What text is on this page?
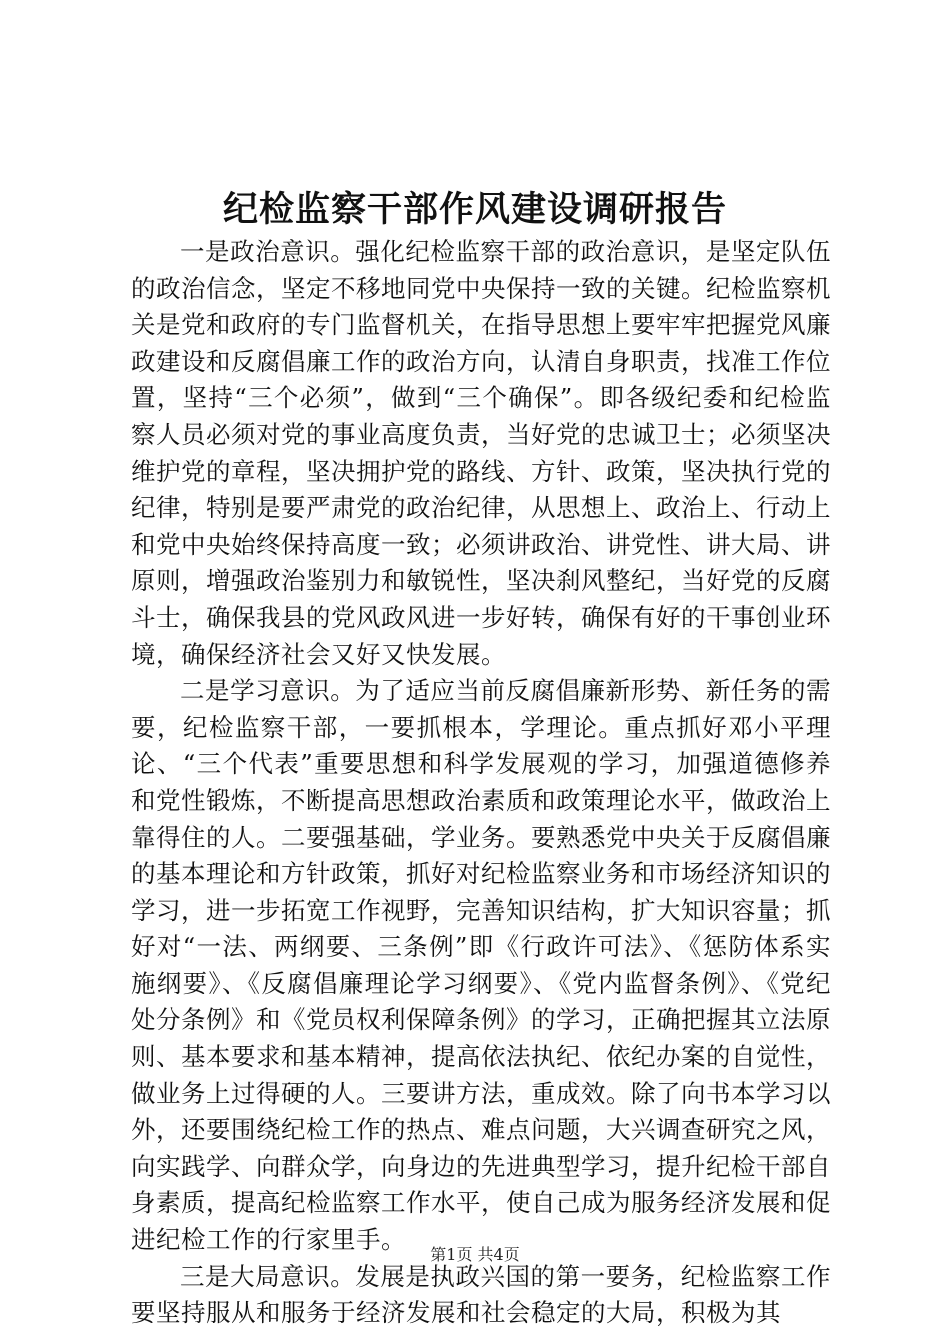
纪检监察干部作风建设调研报告

一是政治意识。强化纪检监察干部的政治意识，是坚定队伍的政治信念，坚定不移地同党中央保持一致的关键。纪检监察机关是党和政府的专门监督机关，在指导思想上要牢牢把握党风廉政建设和反腐倡廉工作的政治方向，认清自身职责，找准工作位置，坚持“三个必须”，做到“三个确保”。即各级纪委和纪检监察人员必须对党的事业高度负责，当好党的忠诚卫士；必须坚决维护党的章程，坚决拥护党的路线、方针、政策，坚决执行党的纪律，特别是要严肃党的政治纪律，从思想上、政治上、行动上和党中央始终保持高度一致；必须讲政治、讲党性、讲大局、讲原则，增强政治鉴别力和敏锐性，坚决刹风整纪，当好党的反腐斗士，确保我县的党风政风进一步好转，确保有好的干事创业环境，确保经济社会又好又快发展。

二是学习意识。为了适应当前反腐倡廉新形势、新任务的需要，纪检监察干部，一要抓根本，学理论。重点抓好邓小平理论、“三个代表”重要思想和科学发展观的学习，加强道德修养和党性锻炼，不断提高思想政治素质和政策理论水平，做政治上靠得住的人。二要强基础，学业务。要熟悉党中央关于反腐倡廉的基本理论和方针政策，抓好对纪检监察业务和市场经济知识的学习，进一步拓宽工作视野，完善知识结构，扩大知识容量；抓好对“一法、两纲要、三条例”即《行政许可法》、《惩防体系实施纲要》、《反腐倡廉理论学习纲要》、《党内监督条例》、《党纪处分条例》和《党员权利保障条例》的学习，正确把握其立法原则、基本要求和基本精神，提高依法执纪、依纪办案的自觉性，做业务上过得硬的人。三要讲方法，重成效。除了向书本学习以外，还要围绕纪检工作的热点、难点问题，大兴调查研究之风，向实践学、向群众学，向身边的先进典型学习，提升纪检干部自身素质，提高纪检监察工作水平，使自己成为服务经济发展和促进纪检工作的行家里手。

三是大局意识。发展是执政兴国的第一要务，纪检监察工作要坚持服从和服务于经济发展和社会稳定的大局，积极为其

第1页 共4页
